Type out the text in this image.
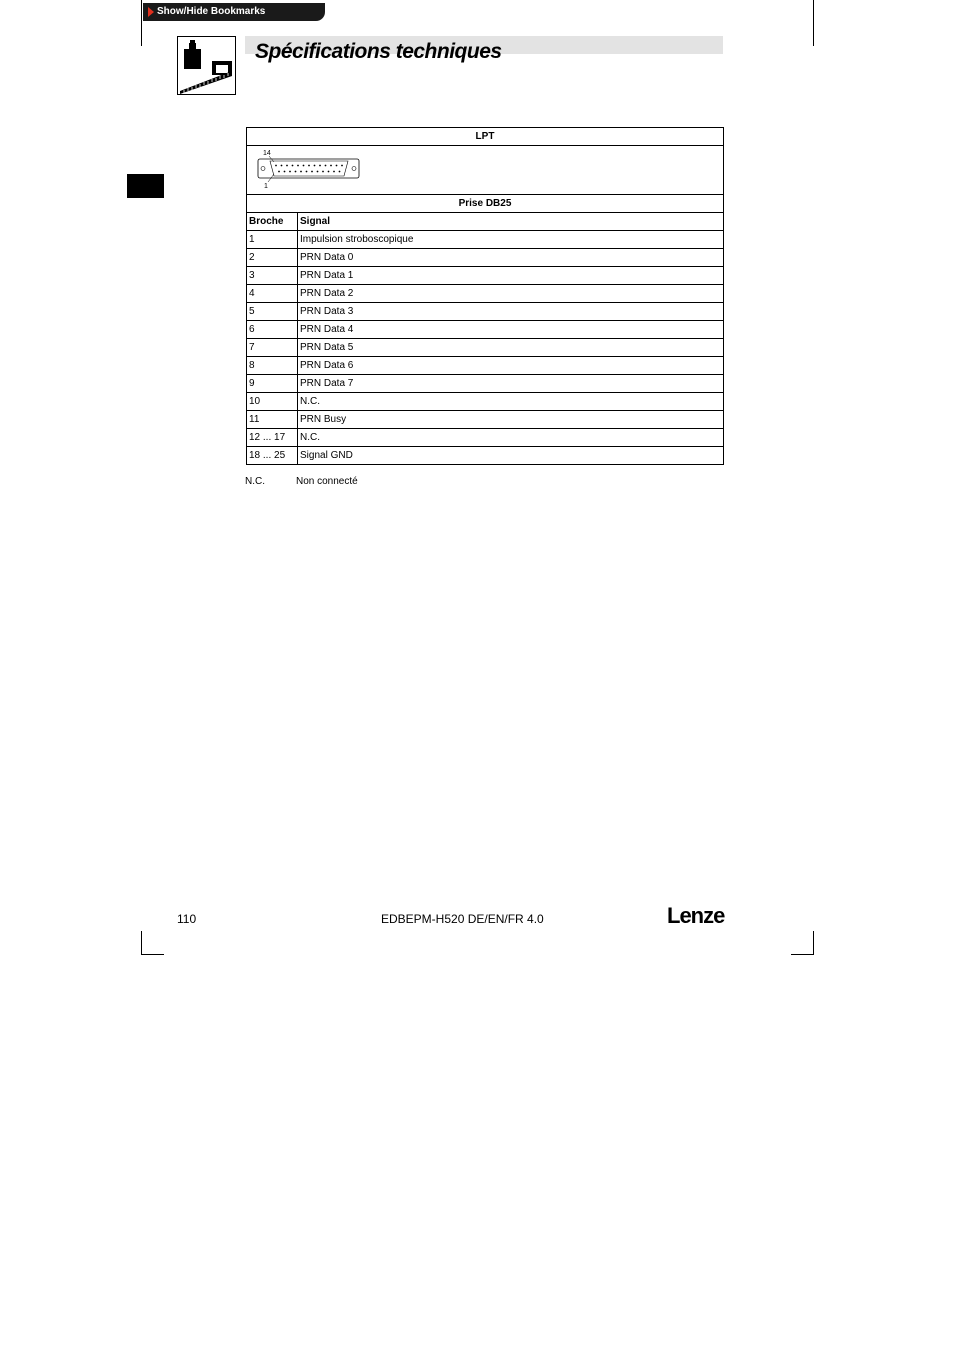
Show/Hide Bookmarks
Spécifications techniques
LPT	

14
1	

Prise DB25	
Broche	Signal
1	Impulsion stroboscopique
2	PRN Data 0
3	PRN Data 1
4	PRN Data 2
5	PRN Data 3
6	PRN Data 4
7	PRN Data 5
8	PRN Data 6
9	PRN Data 7
10	N.C.
11	PRN Busy
12 ... 17	N.C.
18 ... 25	Signal GND
N.C.	Non connecté
110	EDBEPM-H520 DE/EN/FR 4.0	Lenze
